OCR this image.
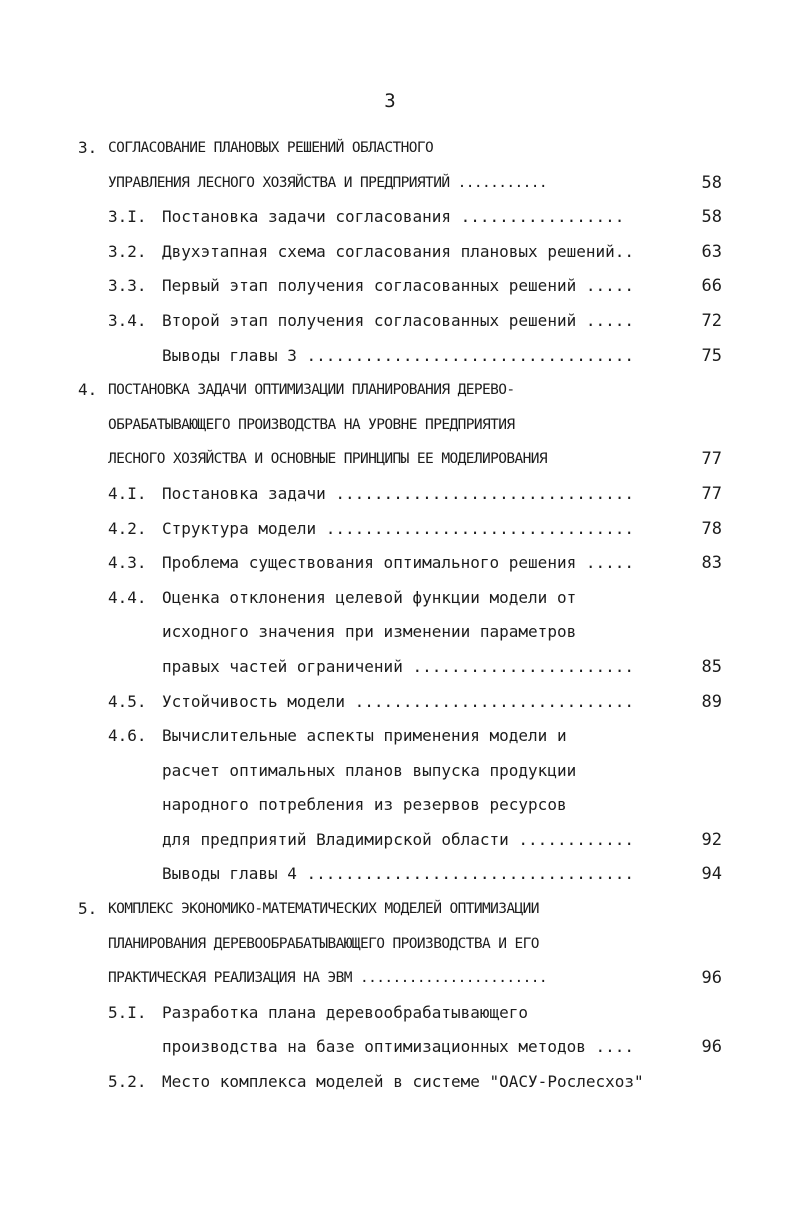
3
3. СОГЛАСОВАНИЕ ПЛАНОВЫХ РЕШЕНИЙ ОБЛАСТНОГО
УПРАВЛЕНИЯ ЛЕСНОГО ХОЗЯЙСТВА И ПРЕДПРИЯТИЙ ...........	58
3.I. Постановка задачи согласования .................	58
3.2. Двухэтапная схема согласования плановых решений..	63
3.3. Первый этап получения согласованных решений .....	66
3.4. Второй этап получения согласованных решений .....	72
Выводы главы 3 ..................................	75
4. ПОСТАНОВКА ЗАДАЧИ ОПТИМИЗАЦИИ ПЛАНИРОВАНИЯ ДЕРЕВО-
ОБРАБАТЫВАЮЩЕГО ПРОИЗВОДСТВА НА УРОВНЕ ПРЕДПРИЯТИЯ
ЛЕСНОГО ХОЗЯЙСТВА И ОСНОВНЫЕ ПРИНЦИПЫ ЕЕ МОДЕЛИРОВАНИЯ	77
4.I. Постановка задачи ...............................	77
4.2. Структура модели ................................	78
4.3. Проблема существования оптимального решения .....	83
4.4. Оценка отклонения целевой функции модели от
исходного значения при изменении параметров
правых частей ограничений .......................	85
4.5. Устойчивость модели .............................	89
4.6. Вычислительные аспекты применения модели и
расчет оптимальных планов выпуска продукции
народного потребления из резервов ресурсов
для предприятий Владимирской области ............	92
Выводы главы 4 ..................................	94
5. КОМПЛЕКС ЭКОНОМИКО-МАТЕМАТИЧЕСКИХ МОДЕЛЕЙ ОПТИМИЗАЦИИ
ПЛАНИРОВАНИЯ ДЕРЕВООБРАБАТЫВАЮЩЕГО ПРОИЗВОДСТВА И ЕГО
ПРАКТИЧЕСКАЯ РЕАЛИЗАЦИЯ НА ЭВМ .......................	96
5.I. Разработка плана деревообрабатывающего
производства на базе оптимизационных методов ....	96
5.2. Место комплекса моделей в системе "ОАСУ-Рослесхоз"
